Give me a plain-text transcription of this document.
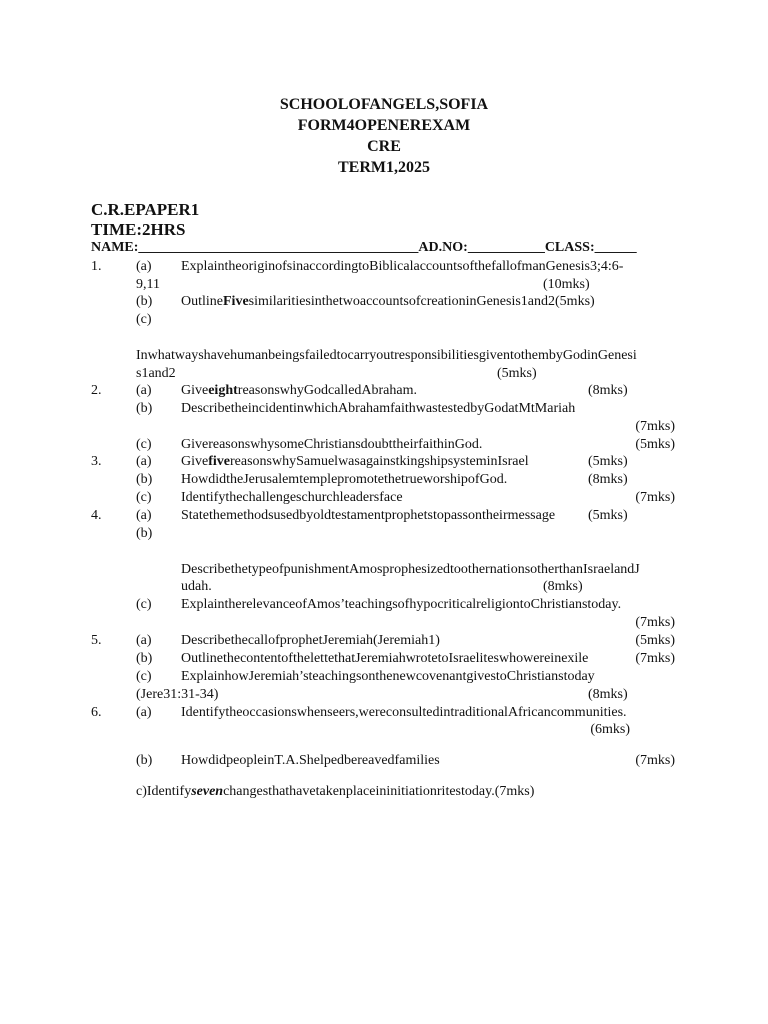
SCHOOLOFANGELS,SOFIA
FORM4OPENEREXAM
CRE
TERM1,2025
C.R.EPAPER1
TIME:2HRS
NAME:________________________________________AD.NO:___________CLASS:______
1. (a) ExplaintheoriginofsinaccordingtoBiblicalaccountsofthefallofmanGenesis3;4:6-
9,11	(10mks)
(b) OutlineFivesimilaritiesinthetwoaccountsofcreationinGenesis1and2(5mks)
(c)
InwhatwayshavehumanbeingsfailedtocarryoutresponsibilitiesgiventothembyGodinGenesi
s1and2	(5mks)
2. (a) GiveeightreasonswhyGodcalledAbraham.	(8mks)
(b) DescribetheincidentinwhichAbrahamfaithwastestedbyGodatMtMariah
(7mks)
(c) GivereasonswhysomeChristiansdoubttheirfaithinGod.	(5mks)
3. (a) GivefivereasonswhySamuelwasagainstkingshipsysteminIsrael	(5mks)
(b) HowdidtheJerusalemtemplepromotethetrueworshipofGod.	(8mks)
(c) Identifythechallengeschurchleadersface	(7mks)
4. (a) Statethemethodsusedbyoldtestamentprophetstopassontheirmessage (5mks)
(b)
DescribethetypeofpunishmentAmosprophesizedtoothernationsotherthanIsraelandJ
udah.	(8mks)
(c) ExplaintherelevanceofAmos’teachingsofhypocriticalreligiontoChristianstoday.
(7mks)
5. (a) DescribethecallofprophetJeremiah(Jeremiah1)	(5mks)
(b) OutlinethecontentofthelettethatJeremiahwrotetoIsraeliteswhowereinexile	(7mks)
(c) ExplainhowJeremiah’steachingsonthenewcovenantgivestoChristianstoday
(Jere31:31-34)	(8mks)
6. (a) Identifytheoccasionswhenseers,wereconsultedintraditionalAfricancommunities.
(6mks)
(b) HowdidpeopleinT.A.Shelpedbereavedfamilies	(7mks)
c)Identifysevenchangesthathavetakenplaceininitiationritestoday.(7mks)
